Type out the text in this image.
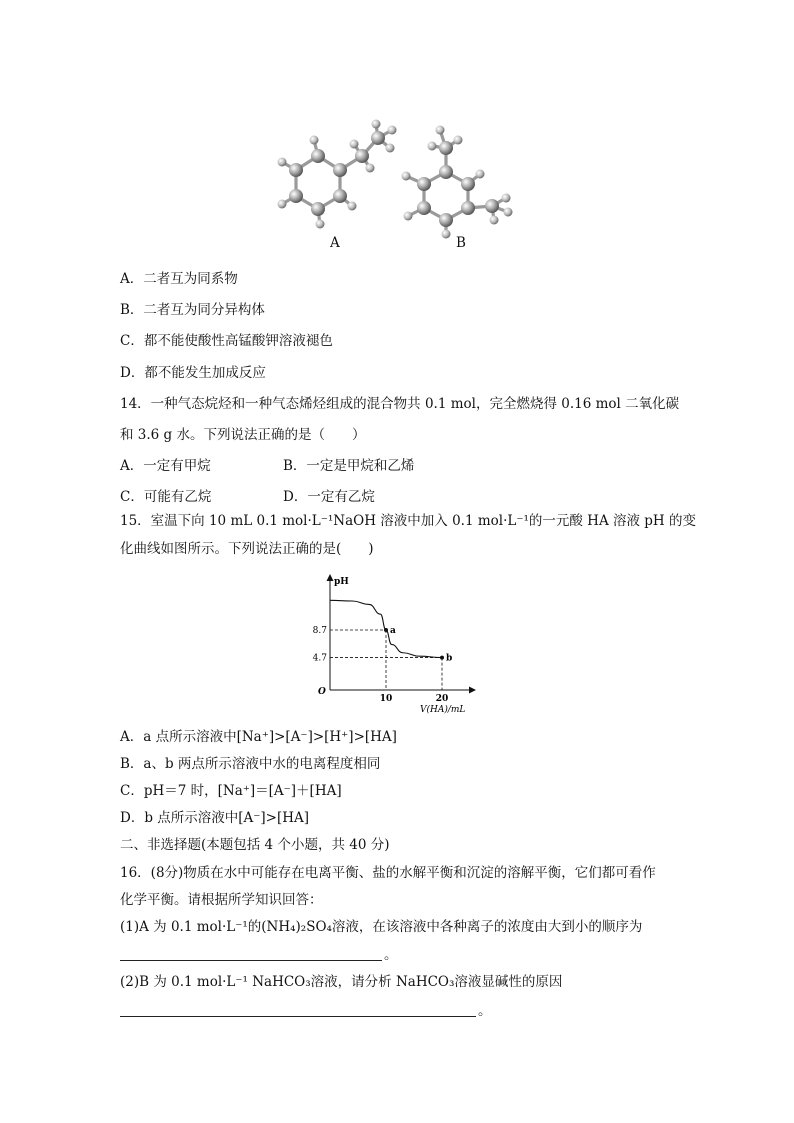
A	B
A．二者互为同系物
B．二者互为同分异构体
C．都不能使酸性高锰酸钾溶液褪色
D．都不能发生加成反应
14．一种气态烷烃和一种气态烯烃组成的混合物共 0.1 mol，完全燃烧得 0.16 mol 二氧化碳
和 3.6 g 水。下列说法正确的是（　　）
A．一定有甲烷	B．一定是甲烷和乙烯
C．可能有乙烷	D．一定有乙烷
15．室温下向 10 mL 0.1 mol·L⁻¹NaOH 溶液中加入 0.1 mol·L⁻¹的一元酸 HA 溶液 pH 的变
化曲线如图所示。下列说法正确的是(　　)
pH
V(HA)/mL
O
a
8.7
10
b
4.7
20
A．a 点所示溶液中[Na⁺]>[A⁻]>[H⁺]>[HA]
B．a、b 两点所示溶液中水的电离程度相同
C．pH＝7 时，[Na⁺]＝[A⁻]＋[HA]
D．b 点所示溶液中[A⁻]>[HA]
二、非选择题(本题包括 4 个小题，共 40 分)
16．(8分)物质在水中可能存在电离平衡、盐的水解平衡和沉淀的溶解平衡，它们都可看作
化学平衡。请根据所学知识回答：
(1)A 为 0.1 mol·L⁻¹的(NH₄)₂SO₄溶液，在该溶液中各种离子的浓度由大到小的顺序为
。
(2)B 为 0.1 mol·L⁻¹ NaHCO₃溶液，请分析 NaHCO₃溶液显碱性的原因
。
